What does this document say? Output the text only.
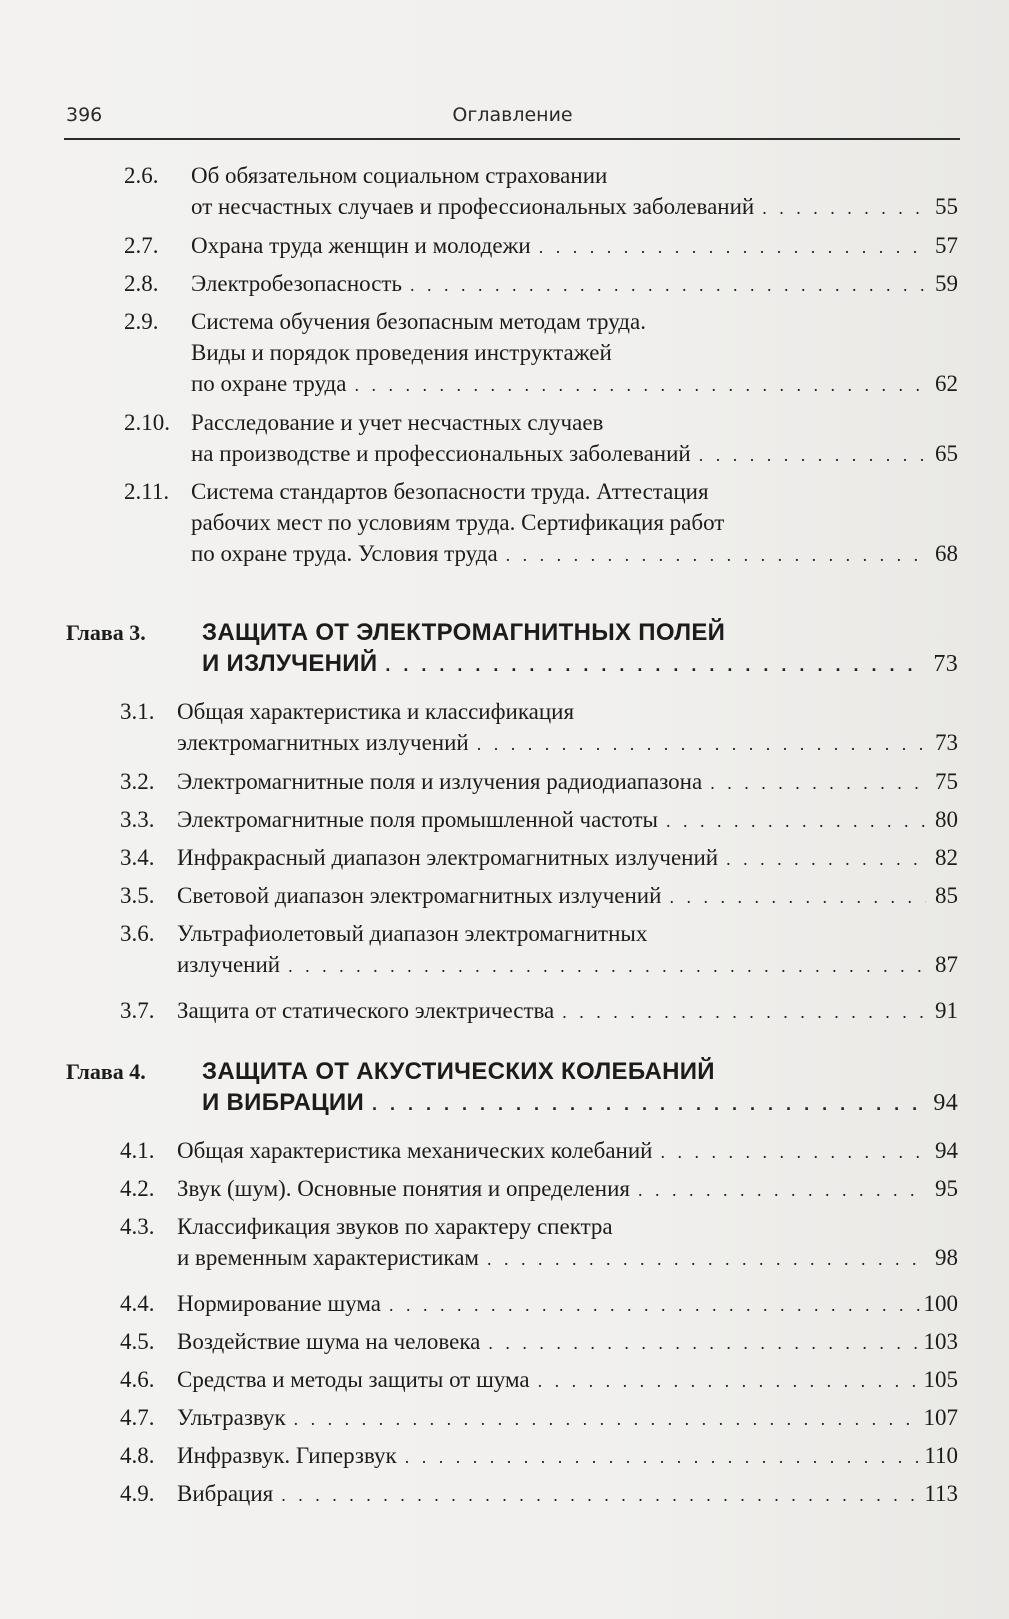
396	Оглавление
2.6. Об обязательном социальном страховании
от несчастных случаев и профессиональных заболеваний . . .	55
2.7. Охрана труда женщин и молодежи . . .	57
2.8. Электробезопасность . . .	59
2.9. Система обучения безопасным методам труда.
Виды и порядок проведения инструктажей
по охране труда . . .	62
2.10. Расследование и учет несчастных случаев
на производстве и профессиональных заболеваний . . .	65
2.11. Система стандартов безопасности труда. Аттестация
рабочих мест по условиям труда. Сертификация работ
по охране труда. Условия труда . . .	68
Глава 3. ЗАЩИТА ОТ ЭЛЕКТРОМАГНИТНЫХ ПОЛЕЙ
И ИЗЛУЧЕНИЙ . . .	73
3.1. Общая характеристика и классификация
электромагнитных излучений . . .	73
3.2. Электромагнитные поля и излучения радиодиапазона . . .	75
3.3. Электромагнитные поля промышленной частоты . . .	80
3.4. Инфракрасный диапазон электромагнитных излучений . . .	82
3.5. Световой диапазон электромагнитных излучений . . .	85
3.6. Ультрафиолетовый диапазон электромагнитных
излучений . . .	87
3.7. Защита от статического электричества . . .	91
Глава 4. ЗАЩИТА ОТ АКУСТИЧЕСКИХ КОЛЕБАНИЙ
И ВИБРАЦИИ . . .	94
4.1. Общая характеристика механических колебаний . . .	94
4.2. Звук (шум). Основные понятия и определения . . .	95
4.3. Классификация звуков по характеру спектра
и временным характеристикам . . .	98
4.4. Нормирование шума . . .	100
4.5. Воздействие шума на человека . . .	103
4.6. Средства и методы защиты от шума . . .	105
4.7. Ультразвук . . .	107
4.8. Инфразвук. Гиперзвук . . .	110
4.9. Вибрация . . .	113
